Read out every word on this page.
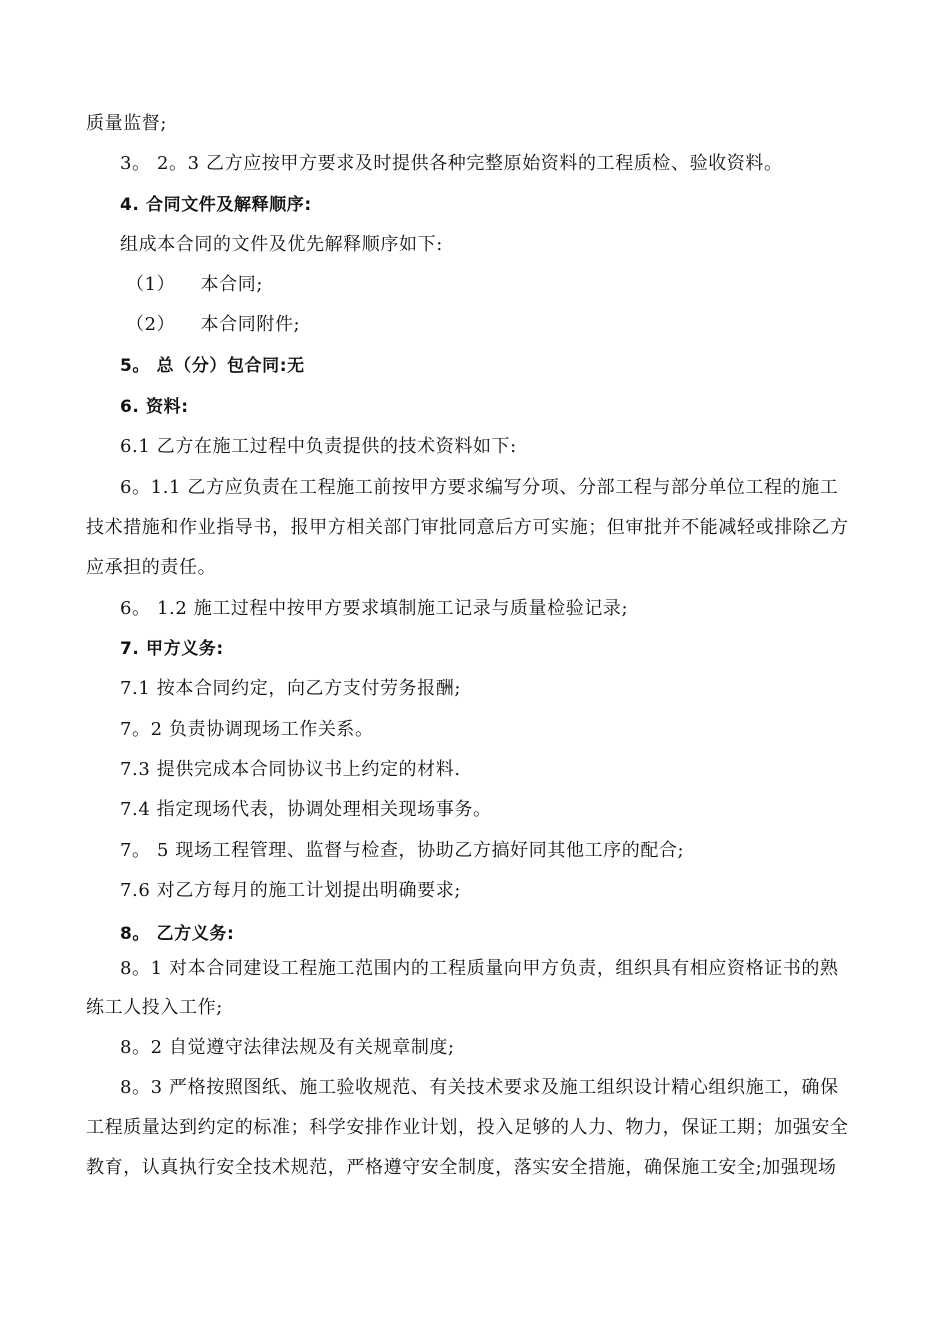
质量监督;
3。 2。3 乙方应按甲方要求及时提供各种完整原始资料的工程质检、验收资料。
4. 合同文件及解释顺序:
组成本合同的文件及优先解释顺序如下:
（1）    本合同;
（2）    本合同附件;
5。 总（分）包合同:无
6. 资料:
6.1 乙方在施工过程中负责提供的技术资料如下:
6。1.1 乙方应负责在工程施工前按甲方要求编写分项、分部工程与部分单位工程的施工
技术措施和作业指导书，报甲方相关部门审批同意后方可实施；但审批并不能减轻或排除乙方
应承担的责任。
6。 1.2 施工过程中按甲方要求填制施工记录与质量检验记录;
7. 甲方义务:
7.1 按本合同约定，向乙方支付劳务报酬;
7。2 负责协调现场工作关系。
7.3 提供完成本合同协议书上约定的材料.
7.4 指定现场代表，协调处理相关现场事务。
7。 5 现场工程管理、监督与检查，协助乙方搞好同其他工序的配合;
7.6 对乙方每月的施工计划提出明确要求;
8。 乙方义务:
8。1 对本合同建设工程施工范围内的工程质量向甲方负责，组织具有相应资格证书的熟
练工人投入工作;
8。2 自觉遵守法律法规及有关规章制度;
8。3 严格按照图纸、施工验收规范、有关技术要求及施工组织设计精心组织施工，确保
工程质量达到约定的标准；科学安排作业计划，投入足够的人力、物力，保证工期；加强安全
教育，认真执行安全技术规范，严格遵守安全制度，落实安全措施，确保施工安全;加强现场
